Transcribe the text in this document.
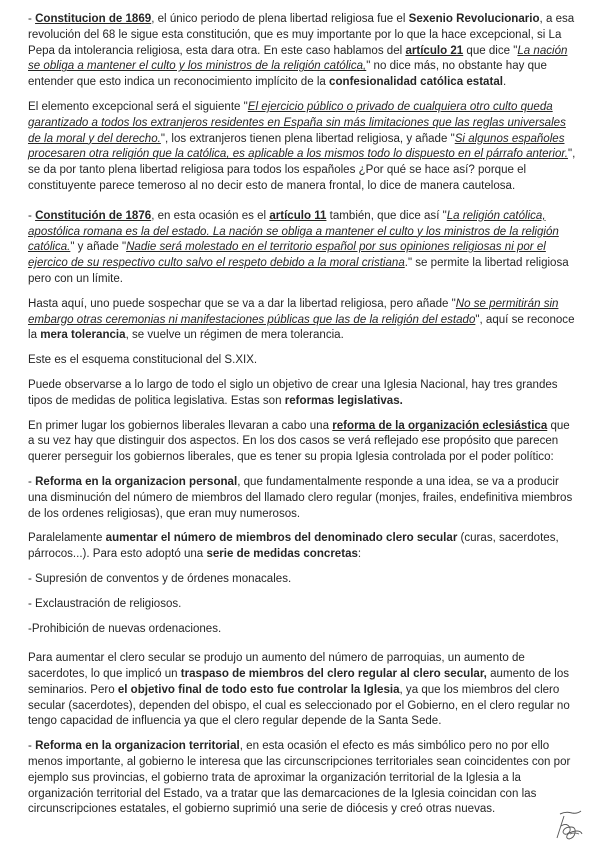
- Constitucion de 1869, el único periodo de plena libertad religiosa fue el Sexenio Revolucionario, a esa revolución del 68 le sigue esta constitución, que es muy importante por lo que la hace excepcional, si La Pepa da intolerancia religiosa, esta dara otra. En este caso hablamos del artículo 21 que dice "La nación se obliga a mantener el culto y los ministros de la religión católica," no dice más, no obstante hay que entender que esto indica un reconocimiento implícito de la confesionalidad católica estatal.

El elemento excepcional será el siguiente "El ejercicio público o privado de cualquiera otro culto queda garantizado a todos los extranjeros residentes en España sin más limitaciones que las reglas universales de la moral y del derecho.", los extranjeros tienen plena libertad religiosa, y añade "Si algunos españoles procesaren otra religión que la católica, es aplicable a los mismos todo lo dispuesto en el párrafo anterior.", se da por tanto plena libertad religiosa para todos los españoles ¿Por qué se hace así? porque el constituyente parece temeroso al no decir esto de manera frontal, lo dice de manera cautelosa.

- Constitución de 1876, en esta ocasión es el artículo 11 también, que dice así "La religión católica, apostólica romana es la del estado. La nación se obliga a mantener el culto y los ministros de la religión católica." y añade "Nadie será molestado en el territorio español por sus opiniones religiosas ni por el ejercico de su respectivo culto salvo el respeto debido a la moral cristiana." se permite la libertad religiosa pero con un límite.

Hasta aquí, uno puede sospechar que se va a dar la libertad religiosa, pero añade "No se permitirán sin embargo otras ceremonias ni manifestaciones públicas que las de la religión del estado", aquí se reconoce la mera tolerancia, se vuelve un régimen de mera tolerancia.

Este es el esquema constitucional del S.XIX.

Puede observarse a lo largo de todo el siglo un objetivo de crear una Iglesia Nacional, hay tres grandes tipos de medidas de politica legislativa. Estas son reformas legislativas.

En primer lugar los gobiernos liberales llevaran a cabo una reforma de la organización eclesiástica que a su vez hay que distinguir dos aspectos. En los dos casos se verá reflejado ese propósito que parecen querer perseguir los gobiernos liberales, que es tener su propia Iglesia controlada por el poder político:

- Reforma en la organizacion personal, que fundamentalmente responde a una idea, se va a producir una disminución del número de miembros del llamado clero regular (monjes, frailes, endefinitiva miembros de los ordenes religiosas), que eran muy numerosos.

Paralelamente aumentar el número de miembros del denominado clero secular (curas, sacerdotes, párrocos...). Para esto adoptó una serie de medidas concretas:

- Supresión de conventos y de órdenes monacales.

- Exclaustración de religiosos.

-Prohibición de nuevas ordenaciones.

Para aumentar el clero secular se produjo un aumento del número de parroquias, un aumento de sacerdotes, lo que implicó un traspaso de miembros del clero regular al clero secular, aumento de los seminarios. Pero el objetivo final de todo esto fue controlar la Iglesia, ya que los miembros del clero secular (sacerdotes), dependen del obispo, el cual es seleccionado por el Gobierno, en el clero regular no tengo capacidad de influencia ya que el clero regular depende de la Santa Sede.

- Reforma en la organizacion territorial, en esta ocasión el efecto es más simbólico pero no por ello menos importante, al gobierno le interesa que las circunscripciones territoriales sean coincidentes con por ejemplo sus provincias, el gobierno trata de aproximar la organización territorial de la Iglesia a la organización territorial del Estado, va a tratar que las demarcaciones de la Iglesia coincidan con las circunscripciones estatales, el gobierno suprimió una serie de diócesis y creó otras nuevas.
